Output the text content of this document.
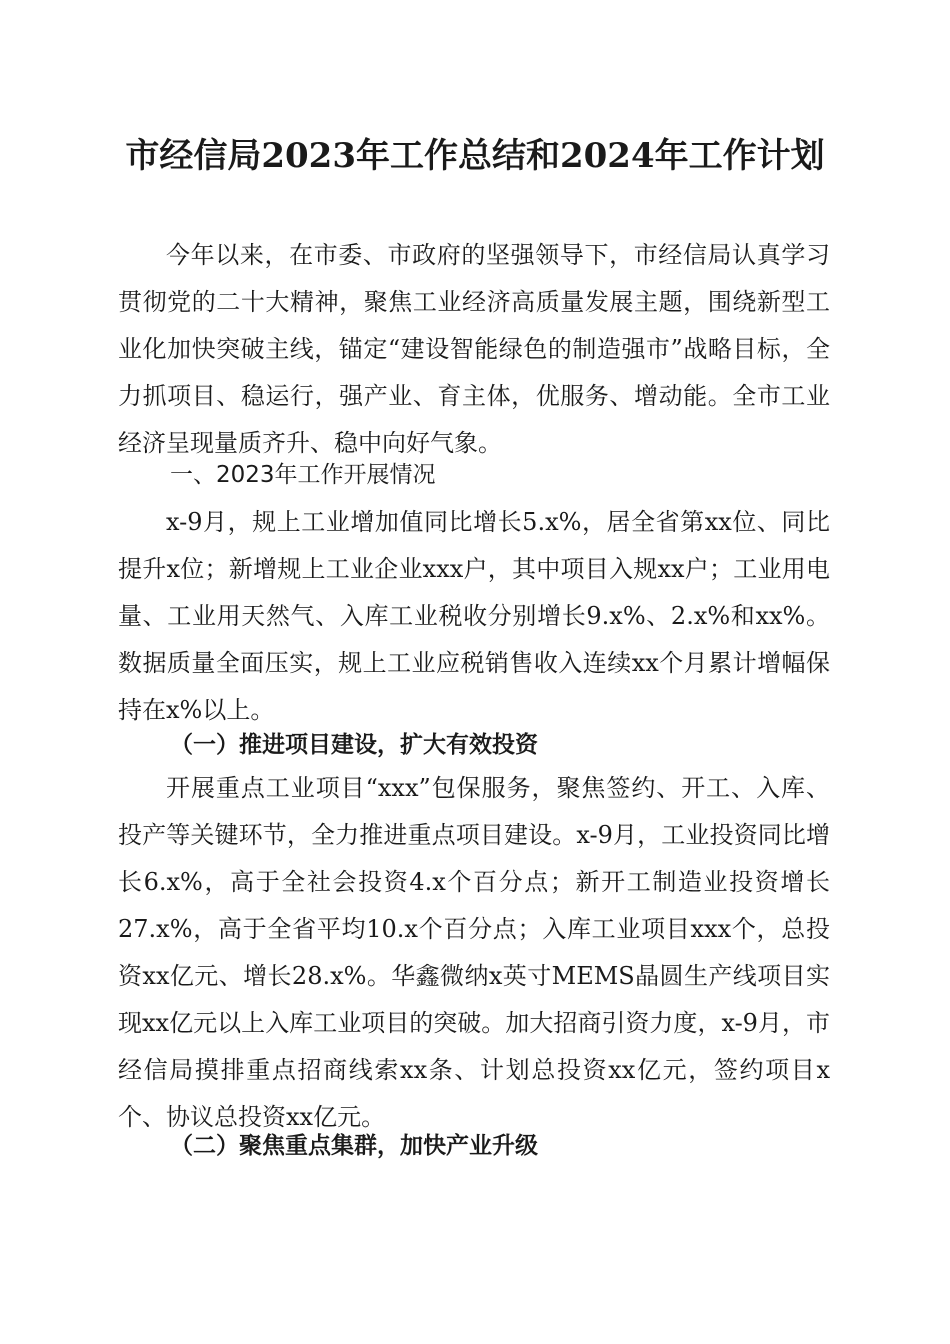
市经信局2023年工作总结和2024年工作计划

今年以来，在市委、市政府的坚强领导下，市经信局认真学习贯彻党的二十大精神，聚焦工业经济高质量发展主题，围绕新型工业化加快突破主线，锚定“建设智能绿色的制造强市”战略目标，全力抓项目、稳运行，强产业、育主体，优服务、增动能。全市工业经济呈现量质齐升、稳中向好气象。

一、2023年工作开展情况

x-9月，规上工业增加值同比增长5.x%，居全省第xx位、同比提升x位；新增规上工业企业xxx户，其中项目入规xx户；工业用电量、工业用天然气、入库工业税收分别增长9.x%、2.x%和xx%。数据质量全面压实，规上工业应税销售收入连续xx个月累计增幅保持在x%以上。

（一）推进项目建设，扩大有效投资

开展重点工业项目“xxx”包保服务，聚焦签约、开工、入库、投产等关键环节，全力推进重点项目建设。x-9月，工业投资同比增长6.x%，高于全社会投资4.x个百分点；新开工制造业投资增长27.x%，高于全省平均10.x个百分点；入库工业项目xxx个，总投资xx亿元、增长28.x%。华鑫微纳x英寸MEMS晶圆生产线项目实现xx亿元以上入库工业项目的突破。加大招商引资力度，x-9月，市经信局摸排重点招商线索xx条、计划总投资xx亿元，签约项目x个、协议总投资xx亿元。

（二）聚焦重点集群，加快产业升级
